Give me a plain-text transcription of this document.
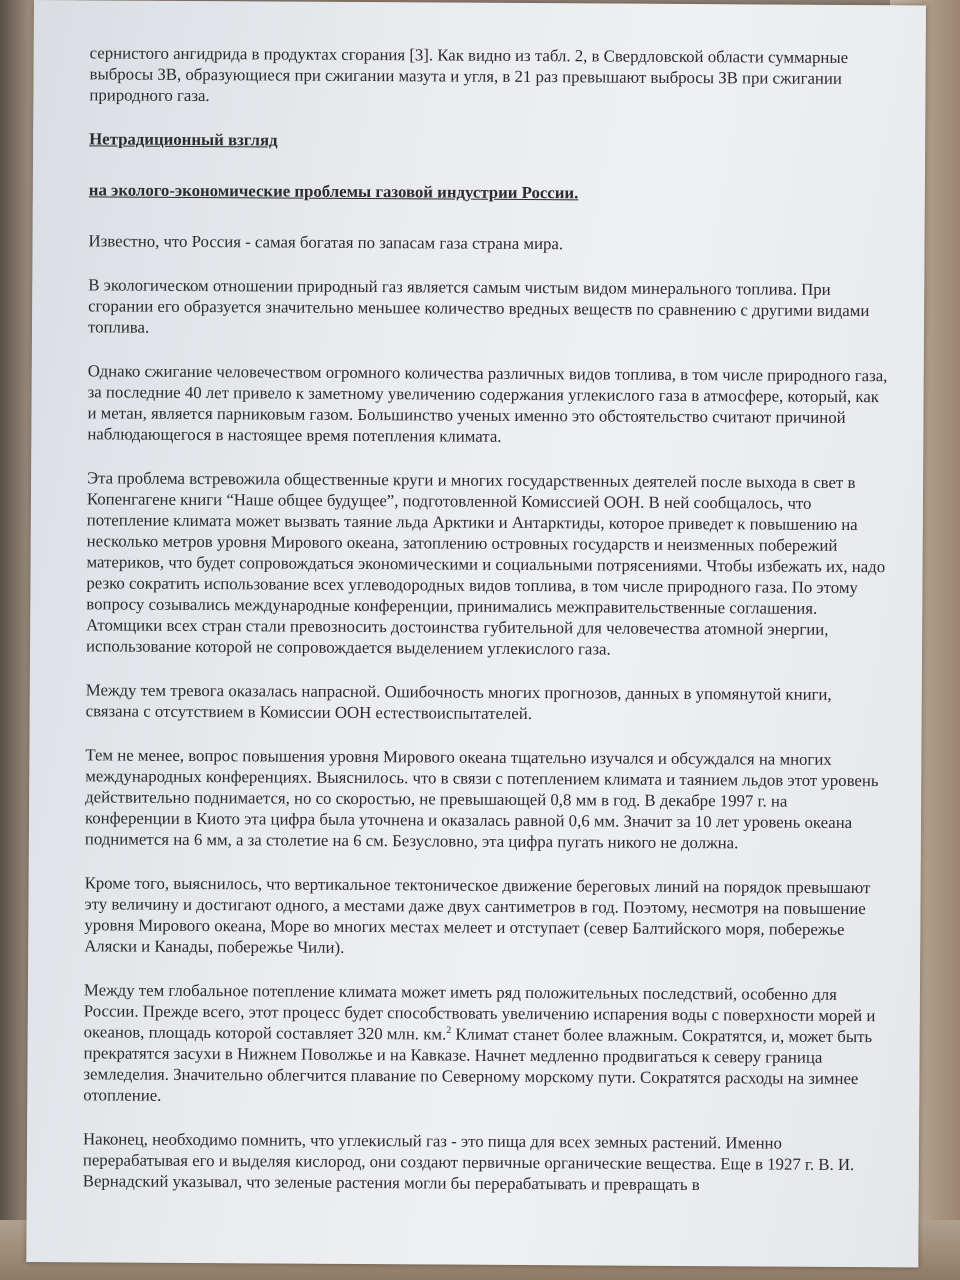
сернистого ангидрида в продуктах сгорания [3]. Как видно из табл. 2, в Свердловской области суммарные выбросы ЗВ, образующиеся при сжигании мазута и угля, в 21 раз превышают выбросы ЗВ при сжигании природного газа.

Нетрадиционный взгляд

на эколого-экономические проблемы газовой индустрии России.

Известно, что Россия - самая богатая по запасам газа страна мира.

В экологическом отношении природный газ является самым чистым видом минерального топлива. При сгорании его образуется значительно меньшее количество вредных веществ по сравнению с другими видами топлива.

Однако сжигание человечеством огромного количества различных видов топлива, в том числе природного газа, за последние 40 лет привело к заметному увеличению содержания углекислого газа в атмосфере, который, как и метан, является парниковым газом. Большинство ученых именно это обстоятельство считают причиной наблюдающегося в настоящее время потепления климата.

Эта проблема встревожила общественные круги и многих государственных деятелей после выхода в свет в Копенгагене книги “Наше общее будущее”, подготовленной Комиссией ООН. В ней сообщалось, что потепление климата может вызвать таяние льда Арктики и Антарктиды, которое приведет к повышению на несколько метров уровня Мирового океана, затоплению островных государств и неизменных побережий материков, что будет сопровождаться экономическими и социальными потрясениями. Чтобы избежать их, надо резко сократить использование всех углеводородных видов топлива, в том числе природного газа. По этому вопросу созывались международные конференции, принимались межправительственные соглашения. Атомщики всех стран стали превозносить достоинства губительной для человечества атомной энергии, использование которой не сопровождается выделением углекислого газа.

Между тем тревога оказалась напрасной. Ошибочность многих прогнозов, данных в упомянутой книги, связана с отсутствием в Комиссии ООН естествоиспытателей.

Тем не менее, вопрос повышения уровня Мирового океана тщательно изучался и обсуждался на многих международных конференциях. Выяснилось. что в связи с потеплением климата и таянием льдов этот уровень действительно поднимается, но со скоростью, не превышающей 0,8 мм в год. В декабре 1997 г. на конференции в Киото эта цифра была уточнена и оказалась равной 0,6 мм. Значит за 10 лет уровень океана поднимется на 6 мм, а за столетие на 6 см. Безусловно, эта цифра пугать никого не должна.

Кроме того, выяснилось, что вертикальное тектоническое движение береговых линий на порядок превышают эту величину и достигают одного, а местами даже двух сантиметров в год. Поэтому, несмотря на повышение уровня Мирового океана, Море во многих местах мелеет и отступает (север Балтийского моря, побережье Аляски и Канады, побережье Чили).

Между тем глобальное потепление климата может иметь ряд положительных последствий, особенно для России. Прежде всего, этот процесс будет способствовать увеличению испарения воды с поверхности морей и океанов, площадь которой составляет 320 млн. км.$^2$ Климат станет более влажным. Сократятся, и, может быть прекратятся засухи в Нижнем Поволжье и на Кавказе. Начнет медленно продвигаться к северу граница земледелия. Значительно облегчится плавание по Северному морскому пути. Сократятся расходы на зимнее отопление.

Наконец, необходимо помнить, что углекислый газ - это пища для всех земных растений. Именно перерабатывая его и выделяя кислород, они создают первичные органические вещества. Еще в 1927 г. В. И. Вернадский указывал, что зеленые растения могли бы перерабатывать и превращать в
